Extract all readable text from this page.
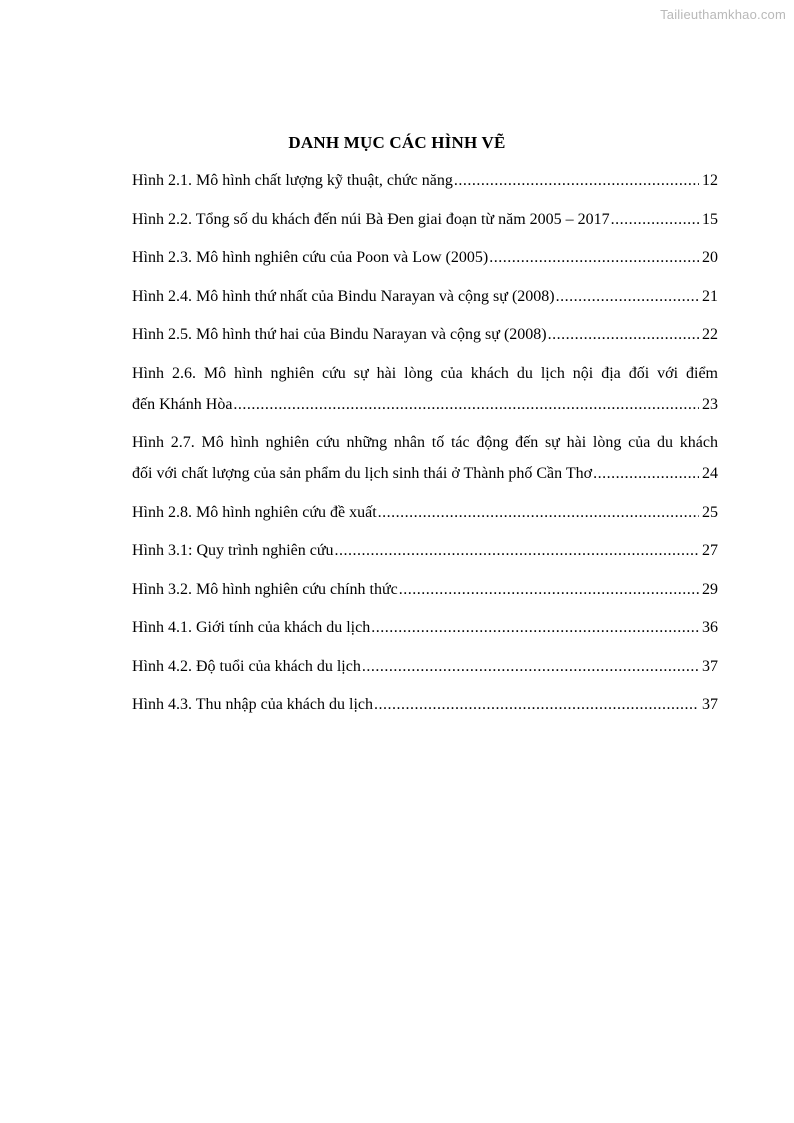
Tailieuthamkhao.com
DANH MỤC CÁC HÌNH VẼ
Hình 2.1. Mô hình chất lượng kỹ thuật, chức năng .....	12
Hình 2.2. Tổng số du khách đến núi Bà Đen giai đoạn từ năm 2005 – 2017 .....	15
Hình 2.3. Mô hình nghiên cứu của Poon và Low (2005) .....	20
Hình 2.4. Mô hình thứ nhất của Bindu Narayan và cộng sự (2008) .....	21
Hình 2.5. Mô hình thứ hai của Bindu Narayan và cộng sự (2008) .....	22
Hình 2.6. Mô hình nghiên cứu sự hài lòng của khách du lịch nội địa đối với điểm
đến Khánh Hòa .....	23
Hình 2.7. Mô hình nghiên cứu những nhân tố tác động đến sự hài lòng của du khách
đối với chất lượng của sản phẩm du lịch sinh thái ở Thành phố Cần Thơ .....	24
Hình 2.8. Mô hình nghiên cứu đề xuất .....	25
Hình 3.1: Quy trình nghiên cứu .....	27
Hình 3.2. Mô hình nghiên cứu chính thức .....	29
Hình 4.1. Giới tính của khách du lịch .....	36
Hình 4.2. Độ tuổi của khách du lịch .....	37
Hình 4.3. Thu nhập của khách du lịch .....	37
